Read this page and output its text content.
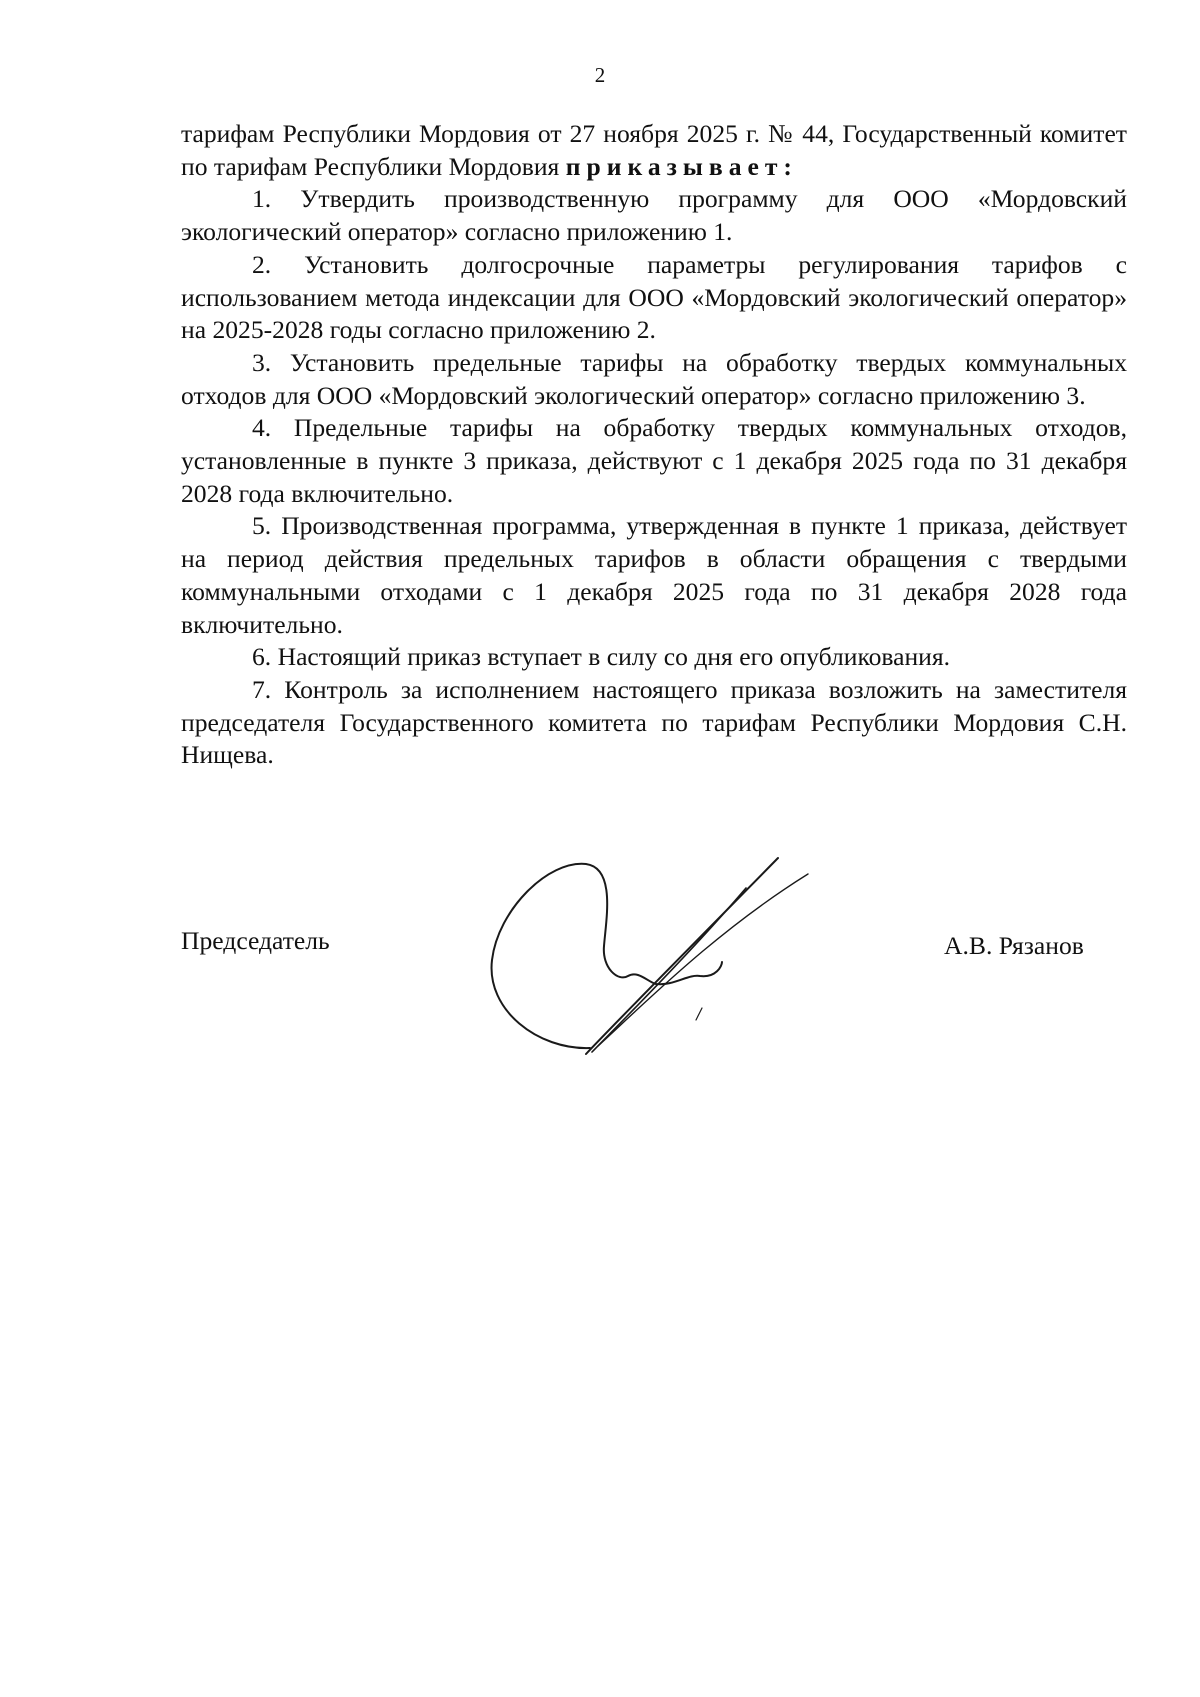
2

тарифам Республики Мордовия от 27 ноября 2025 г. № 44, Государственный комитет по тарифам Республики Мордовия приказывает:

1. Утвердить производственную программу для ООО «Мордовский экологический оператор» согласно приложению 1.

2. Установить долгосрочные параметры регулирования тарифов с использованием метода индексации для ООО «Мордовский экологический оператор» на 2025-2028 годы согласно приложению 2.

3. Установить предельные тарифы на обработку твердых коммунальных отходов для ООО «Мордовский экологический оператор» согласно приложению 3.

4. Предельные тарифы на обработку твердых коммунальных отходов, установленные в пункте 3 приказа, действуют с 1 декабря 2025 года по 31 декабря 2028 года включительно.

5. Производственная программа, утвержденная в пункте 1 приказа, действует на период действия предельных тарифов в области обращения с твердыми коммунальными отходами с 1 декабря 2025 года по 31 декабря 2028 года включительно.

6. Настоящий приказ вступает в силу со дня его опубликования.

7. Контроль за исполнением настоящего приказа возложить на заместителя председателя Государственного комитета по тарифам Республики Мордовия С.Н. Нищева.

Председатель	А.В. Рязанов
